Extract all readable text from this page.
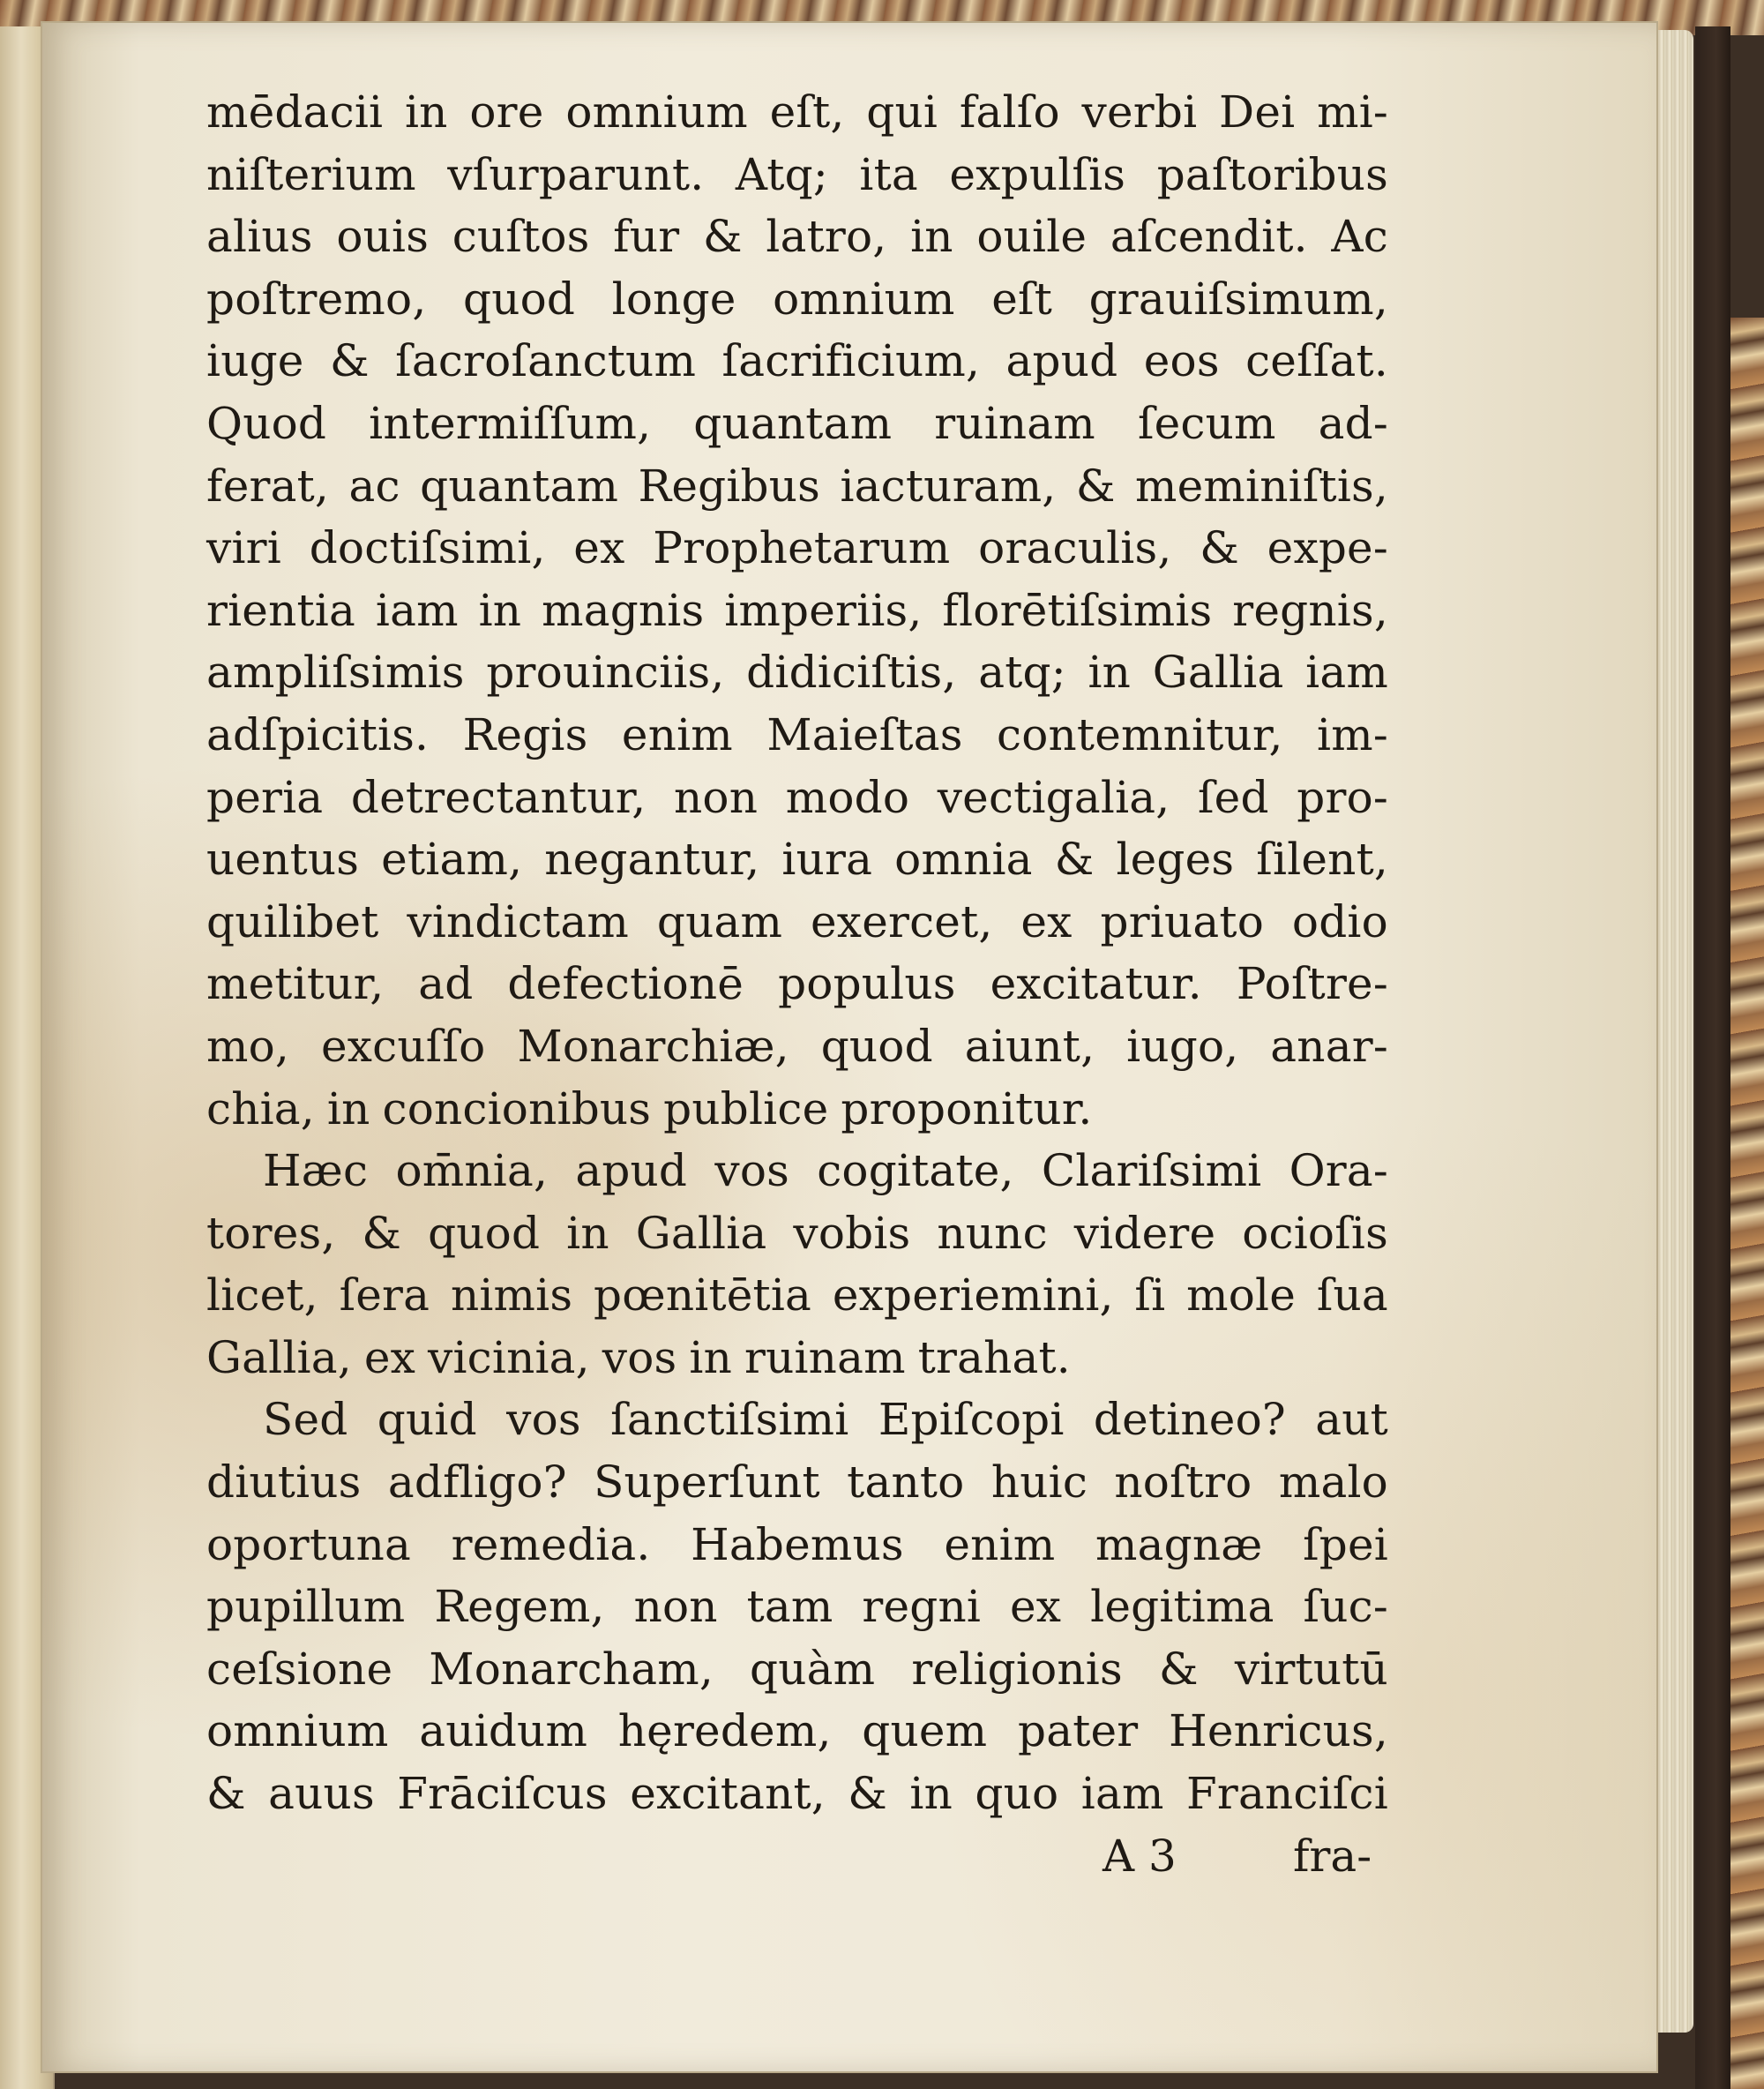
mēdacii in ore omnium eſt, qui falſo verbi Dei mi-
niſterium vſurparunt. Atq; ita expulſis paſtoribus
alius ouis cuſtos fur & latro, in ouile aſcendit. Ac
poſtremo, quod longe omnium eſt grauiſsimum,
iuge & ſacroſanctum ſacrificium, apud eos ceſſat.
Quod intermiſſum, quantam ruinam ſecum ad-
ferat, ac quantam Regibus iacturam, & meminiſtis,
viri doctiſsimi, ex Prophetarum oraculis, & expe-
rientia iam in magnis imperiis, florētiſsimis regnis,
ampliſsimis prouinciis, didiciſtis, atq; in Gallia iam
adſpicitis. Regis enim Maieſtas contemnitur, im-
peria detrectantur, non modo vectigalia, ſed pro-
uentus etiam, negantur, iura omnia & leges ſilent,
quilibet vindictam quam exercet, ex priuato odio
metitur, ad defectionē populus excitatur. Poſtre-
mo, excuſſo Monarchiæ, quod aiunt, iugo, anar-
chia, in concionibus publice proponitur.
Hæc om̄nia, apud vos cogitate, Clariſsimi Ora-
tores, & quod in Gallia vobis nunc videre ocioſis
licet, ſera nimis pœnitētia experiemini, ſi mole ſua
Gallia, ex vicinia, vos in ruinam trahat.
Sed quid vos ſanctiſsimi Epiſcopi detineo? aut
diutius adfligo? Superſunt tanto huic noſtro malo
oportuna remedia. Habemus enim magnæ ſpei
pupillum Regem, non tam regni ex legitima ſuc-
ceſsione Monarcham, quàm religionis & virtutū
omnium auidum hęredem, quem pater Henricus,
& auus Frāciſcus excitant, & in quo iam Franciſci
A 3	fra-
